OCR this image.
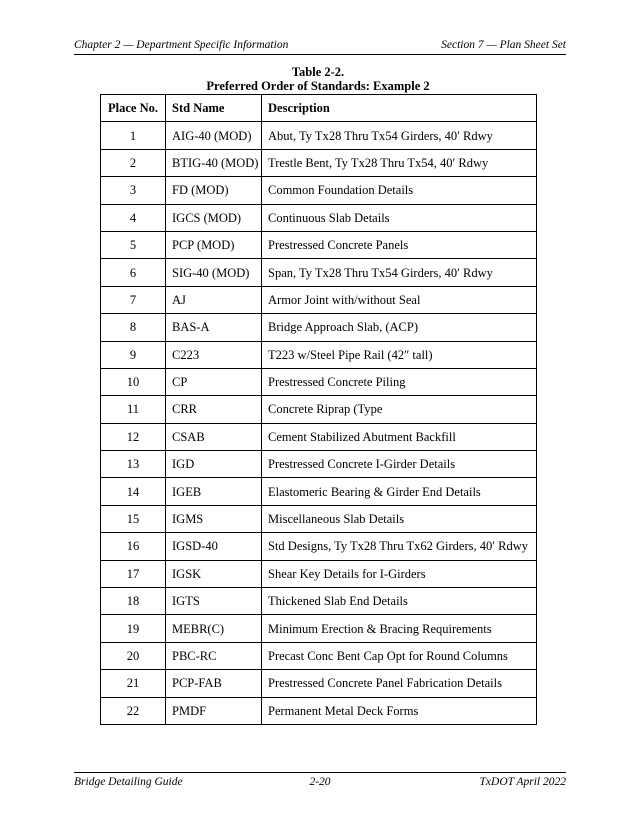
Chapter 2 — Department Specific Information	Section 7 — Plan Sheet Set
Table 2-2.
Preferred Order of Standards: Example 2
Place No.	Std Name	Description
1	AIG-40 (MOD)	Abut, Ty Tx28 Thru Tx54 Girders, 40′ Rdwy
2	BTIG-40 (MOD)	Trestle Bent, Ty Tx28 Thru Tx54, 40′ Rdwy
3	FD (MOD)	Common Foundation Details
4	IGCS (MOD)	Continuous Slab Details
5	PCP (MOD)	Prestressed Concrete Panels
6	SIG-40 (MOD)	Span, Ty Tx28 Thru Tx54 Girders, 40′ Rdwy
7	AJ	Armor Joint with/without Seal
8	BAS-A	Bridge Approach Slab, (ACP)
9	C223	T223 w/Steel Pipe Rail (42″ tall)
10	CP	Prestressed Concrete Piling
11	CRR	Concrete Riprap (Type
12	CSAB	Cement Stabilized Abutment Backfill
13	IGD	Prestressed Concrete I-Girder Details
14	IGEB	Elastomeric Bearing & Girder End Details
15	IGMS	Miscellaneous Slab Details
16	IGSD-40	Std Designs, Ty Tx28 Thru Tx62 Girders, 40′ Rdwy
17	IGSK	Shear Key Details for I-Girders
18	IGTS	Thickened Slab End Details
19	MEBR(C)	Minimum Erection & Bracing Requirements
20	PBC-RC	Precast Conc Bent Cap Opt for Round Columns
21	PCP-FAB	Prestressed Concrete Panel Fabrication Details
22	PMDF	Permanent Metal Deck Forms
Bridge Detailing Guide	2-20	TxDOT April 2022
